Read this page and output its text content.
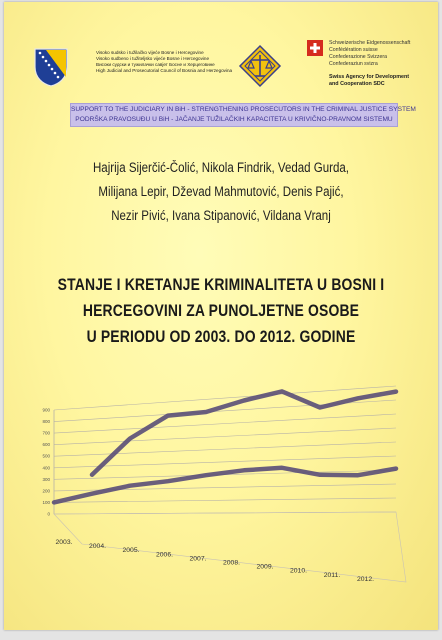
Visoko sudsko i tužilačko vijeće Bosne i Hercegovine
Visoko sudbeno i tužiteljsko vijeće Bosne i Hercegovine
Високи судски и тужилачки савјет Босне и Херцеговине
High Judicial and Prosecutorial Council of Bosnia and Herzegovina
Schweizerische Eidgenossenschaft
Confédération suisse
Confederazione Svizzera
Confederaziun svizra
Swiss Agency for Development
and Cooperation SDC
SUPPORT TO THE JUDICIARY IN BiH - STRENGTHENING PROSECUTORS IN THE CRIMINAL JUSTICE SYSTEM
PODRŠKA PRAVOSUĐU U BiH - JAČANJE TUŽILAČKIH KAPACITETA U KRIVIČNO-PRAVNOM SISTEMU
Hajrija Sijerčić-Čolić, Nikola Findrik, Vedad Gurda,
Milijana Lepir, Dževad Mahmutović, Denis Pajić,
Nezir Pivić, Ivana Stipanović, Vildana Vranj
STANJE I KRETANJE KRIMINALITETA U BOSNI I
HERCEGOVINI ZA PUNOLJETNE OSOBE
U PERIODU OD 2003. DO 2012. GODINE
0
100
200
300
400
500
600
700
800
900
2003.
2004.
2005.
2006.
2007.
2008.
2009.
2010.
2011.
2012.
